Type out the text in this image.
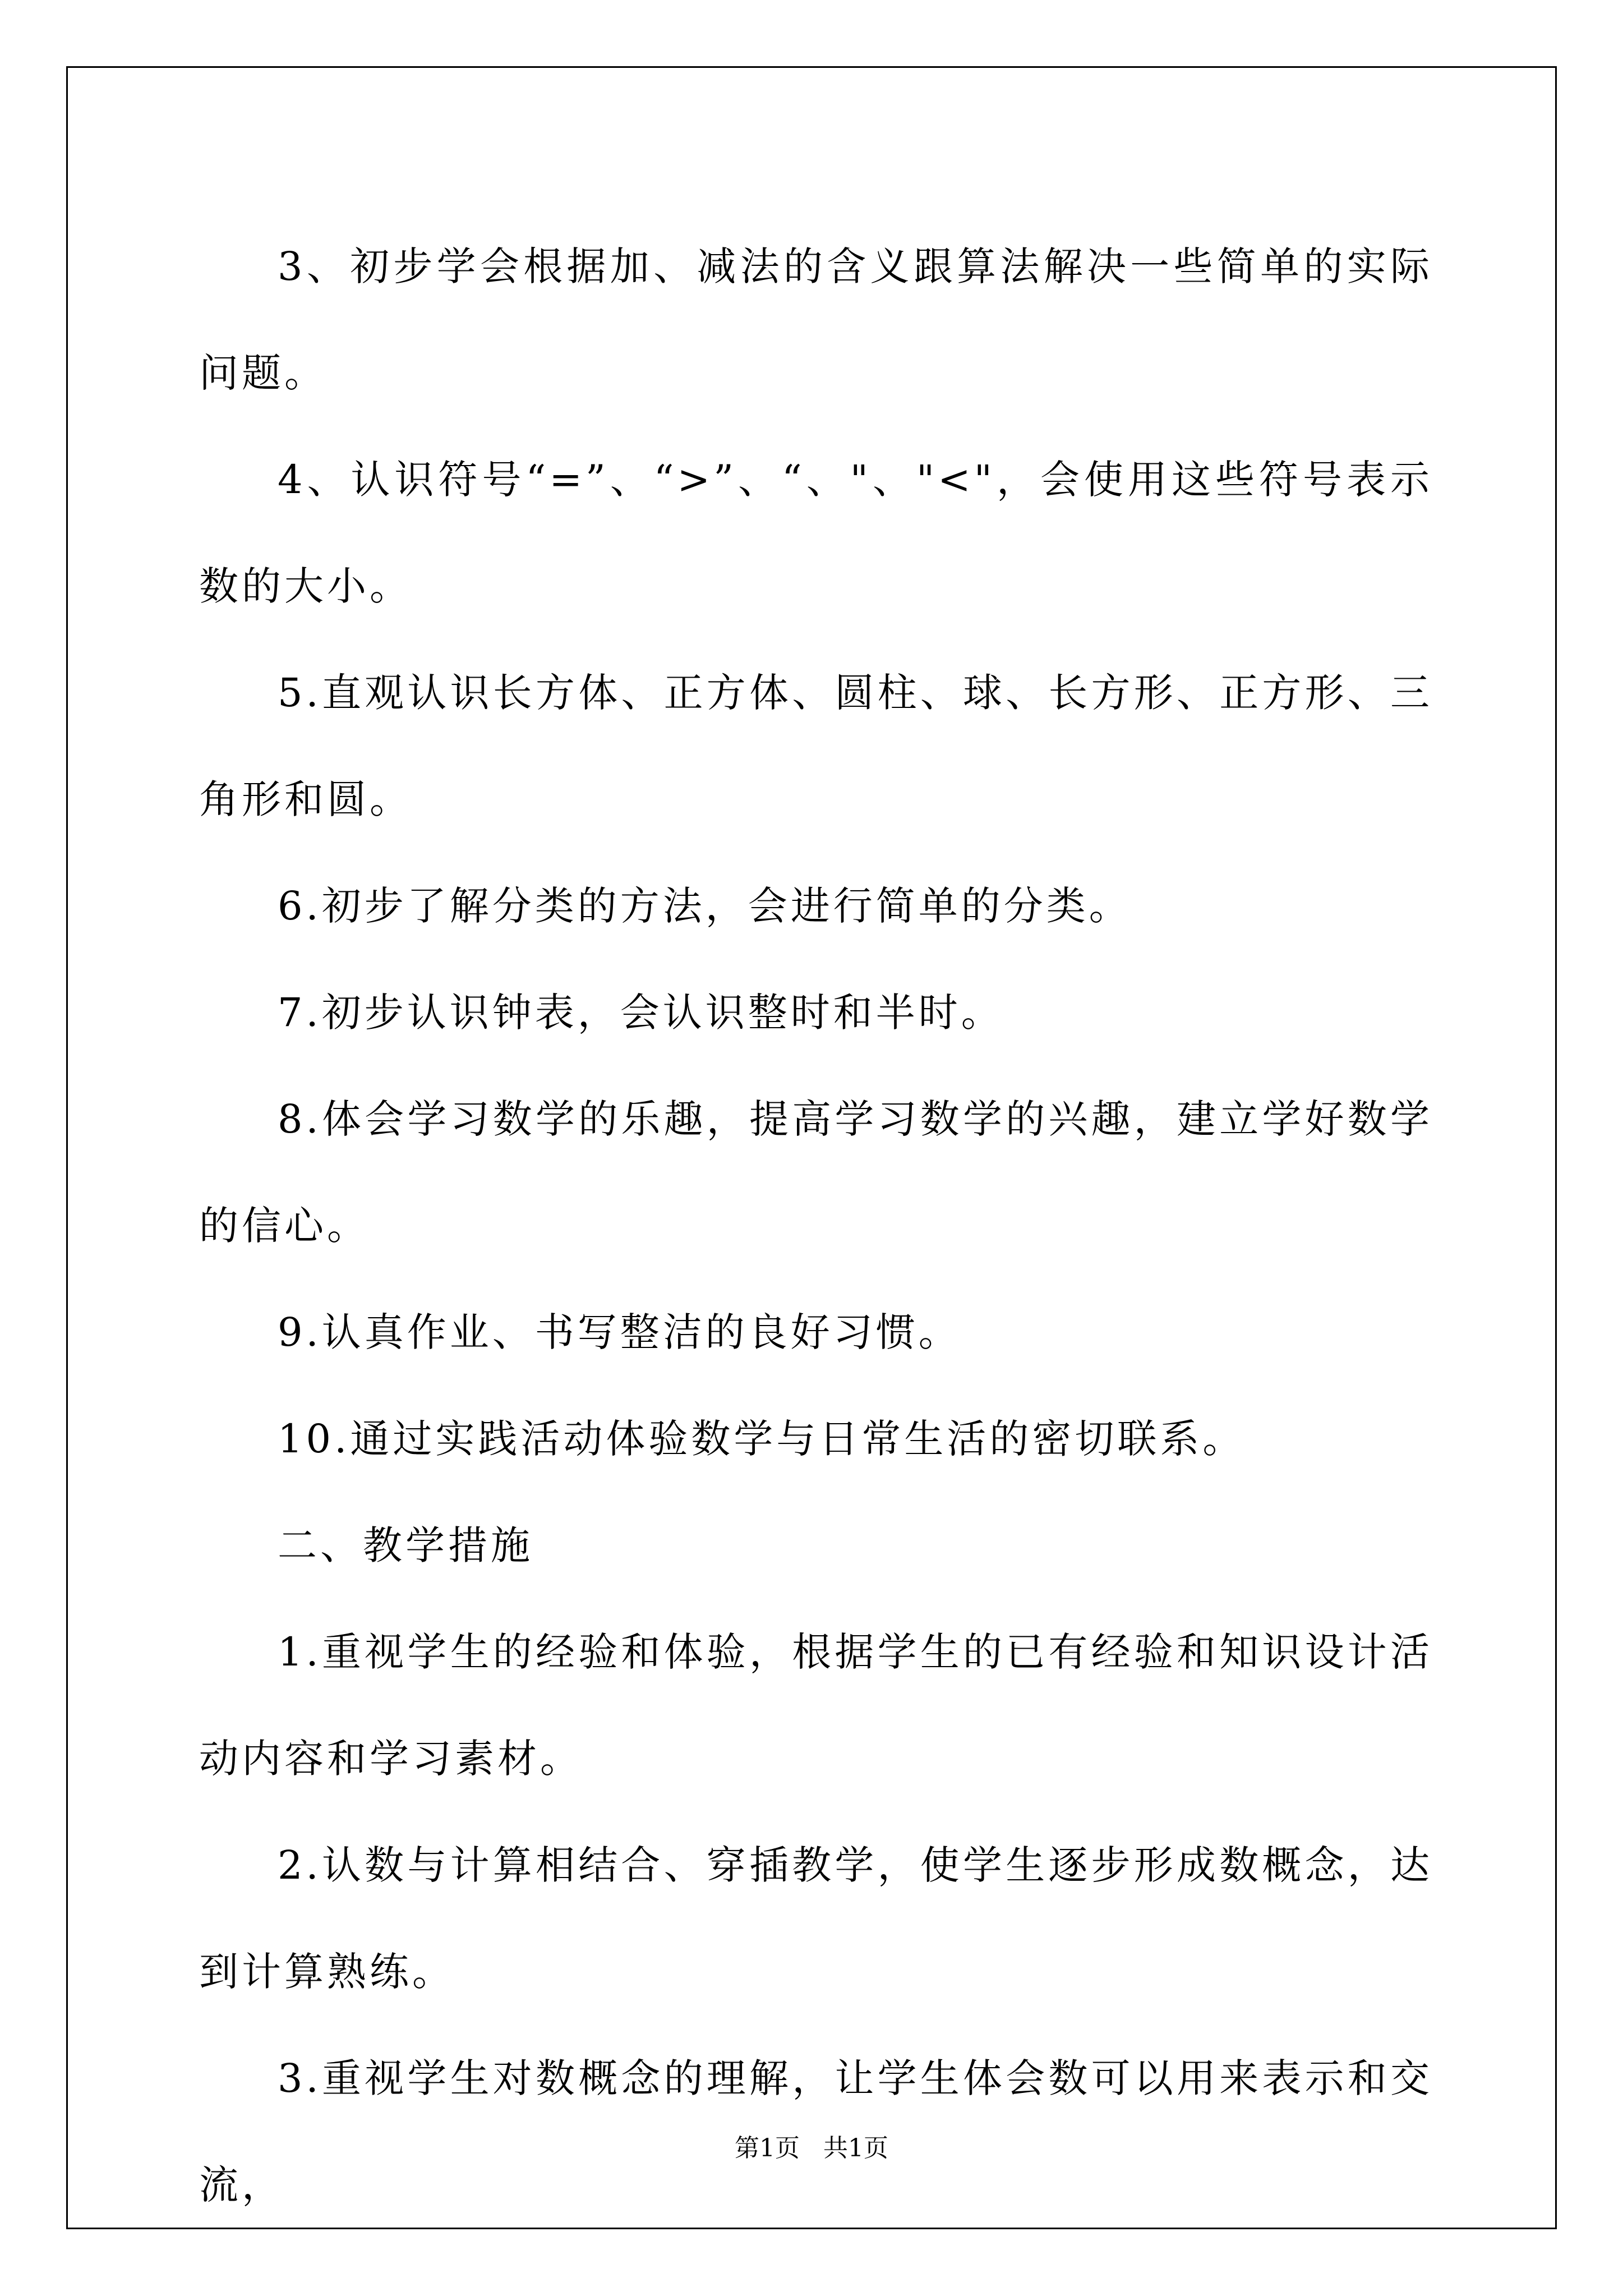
3、初步学会根据加、减法的含义跟算法解决一些简单的实际问题。

4、认识符号“=”、“>”、“、"、"<"，会使用这些符号表示数的大小。

5.直观认识长方体、正方体、圆柱、球、长方形、正方形、三角形和圆。

6.初步了解分类的方法，会进行简单的分类。

7.初步认识钟表，会认识整时和半时。

8.体会学习数学的乐趣，提高学习数学的兴趣，建立学好数学的信心。

9.认真作业、书写整洁的良好习惯。

10.通过实践活动体验数学与日常生活的密切联系。

二、教学措施

1.重视学生的经验和体验，根据学生的已有经验和知识设计活动内容和学习素材。

2.认数与计算相结合、穿插教学，使学生逐步形成数概念，达到计算熟练。

3.重视学生对数概念的理解，让学生体会数可以用来表示和交流，

第1页   共1页
